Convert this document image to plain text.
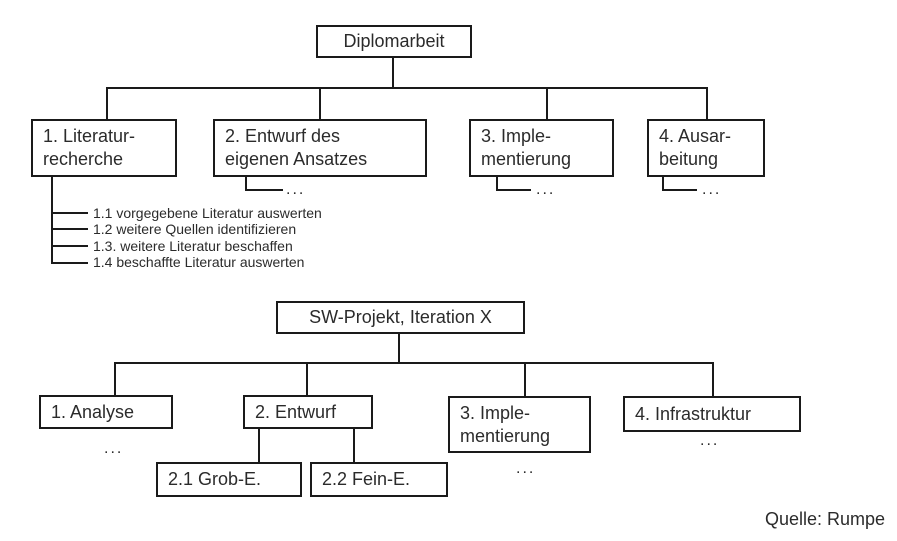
Diplomarbeit
1. Literatur-
recherche
2. Entwurf des
eigenen Ansatzes
3. Imple-
mentierung
4. Ausar-
beitung
...	...	...
1.1 vorgegebene Literatur auswerten
1.2 weitere Quellen identifizieren
1.3. weitere Literatur beschaffen
1.4 beschaffte Literatur auswerten
SW-Projekt, Iteration X
1. Analyse
...
2. Entwurf	3. Imple-
mentierung
...
4. Infrastruktur
...
2.1 Grob-E.	2.2 Fein-E.
Quelle: Rumpe
